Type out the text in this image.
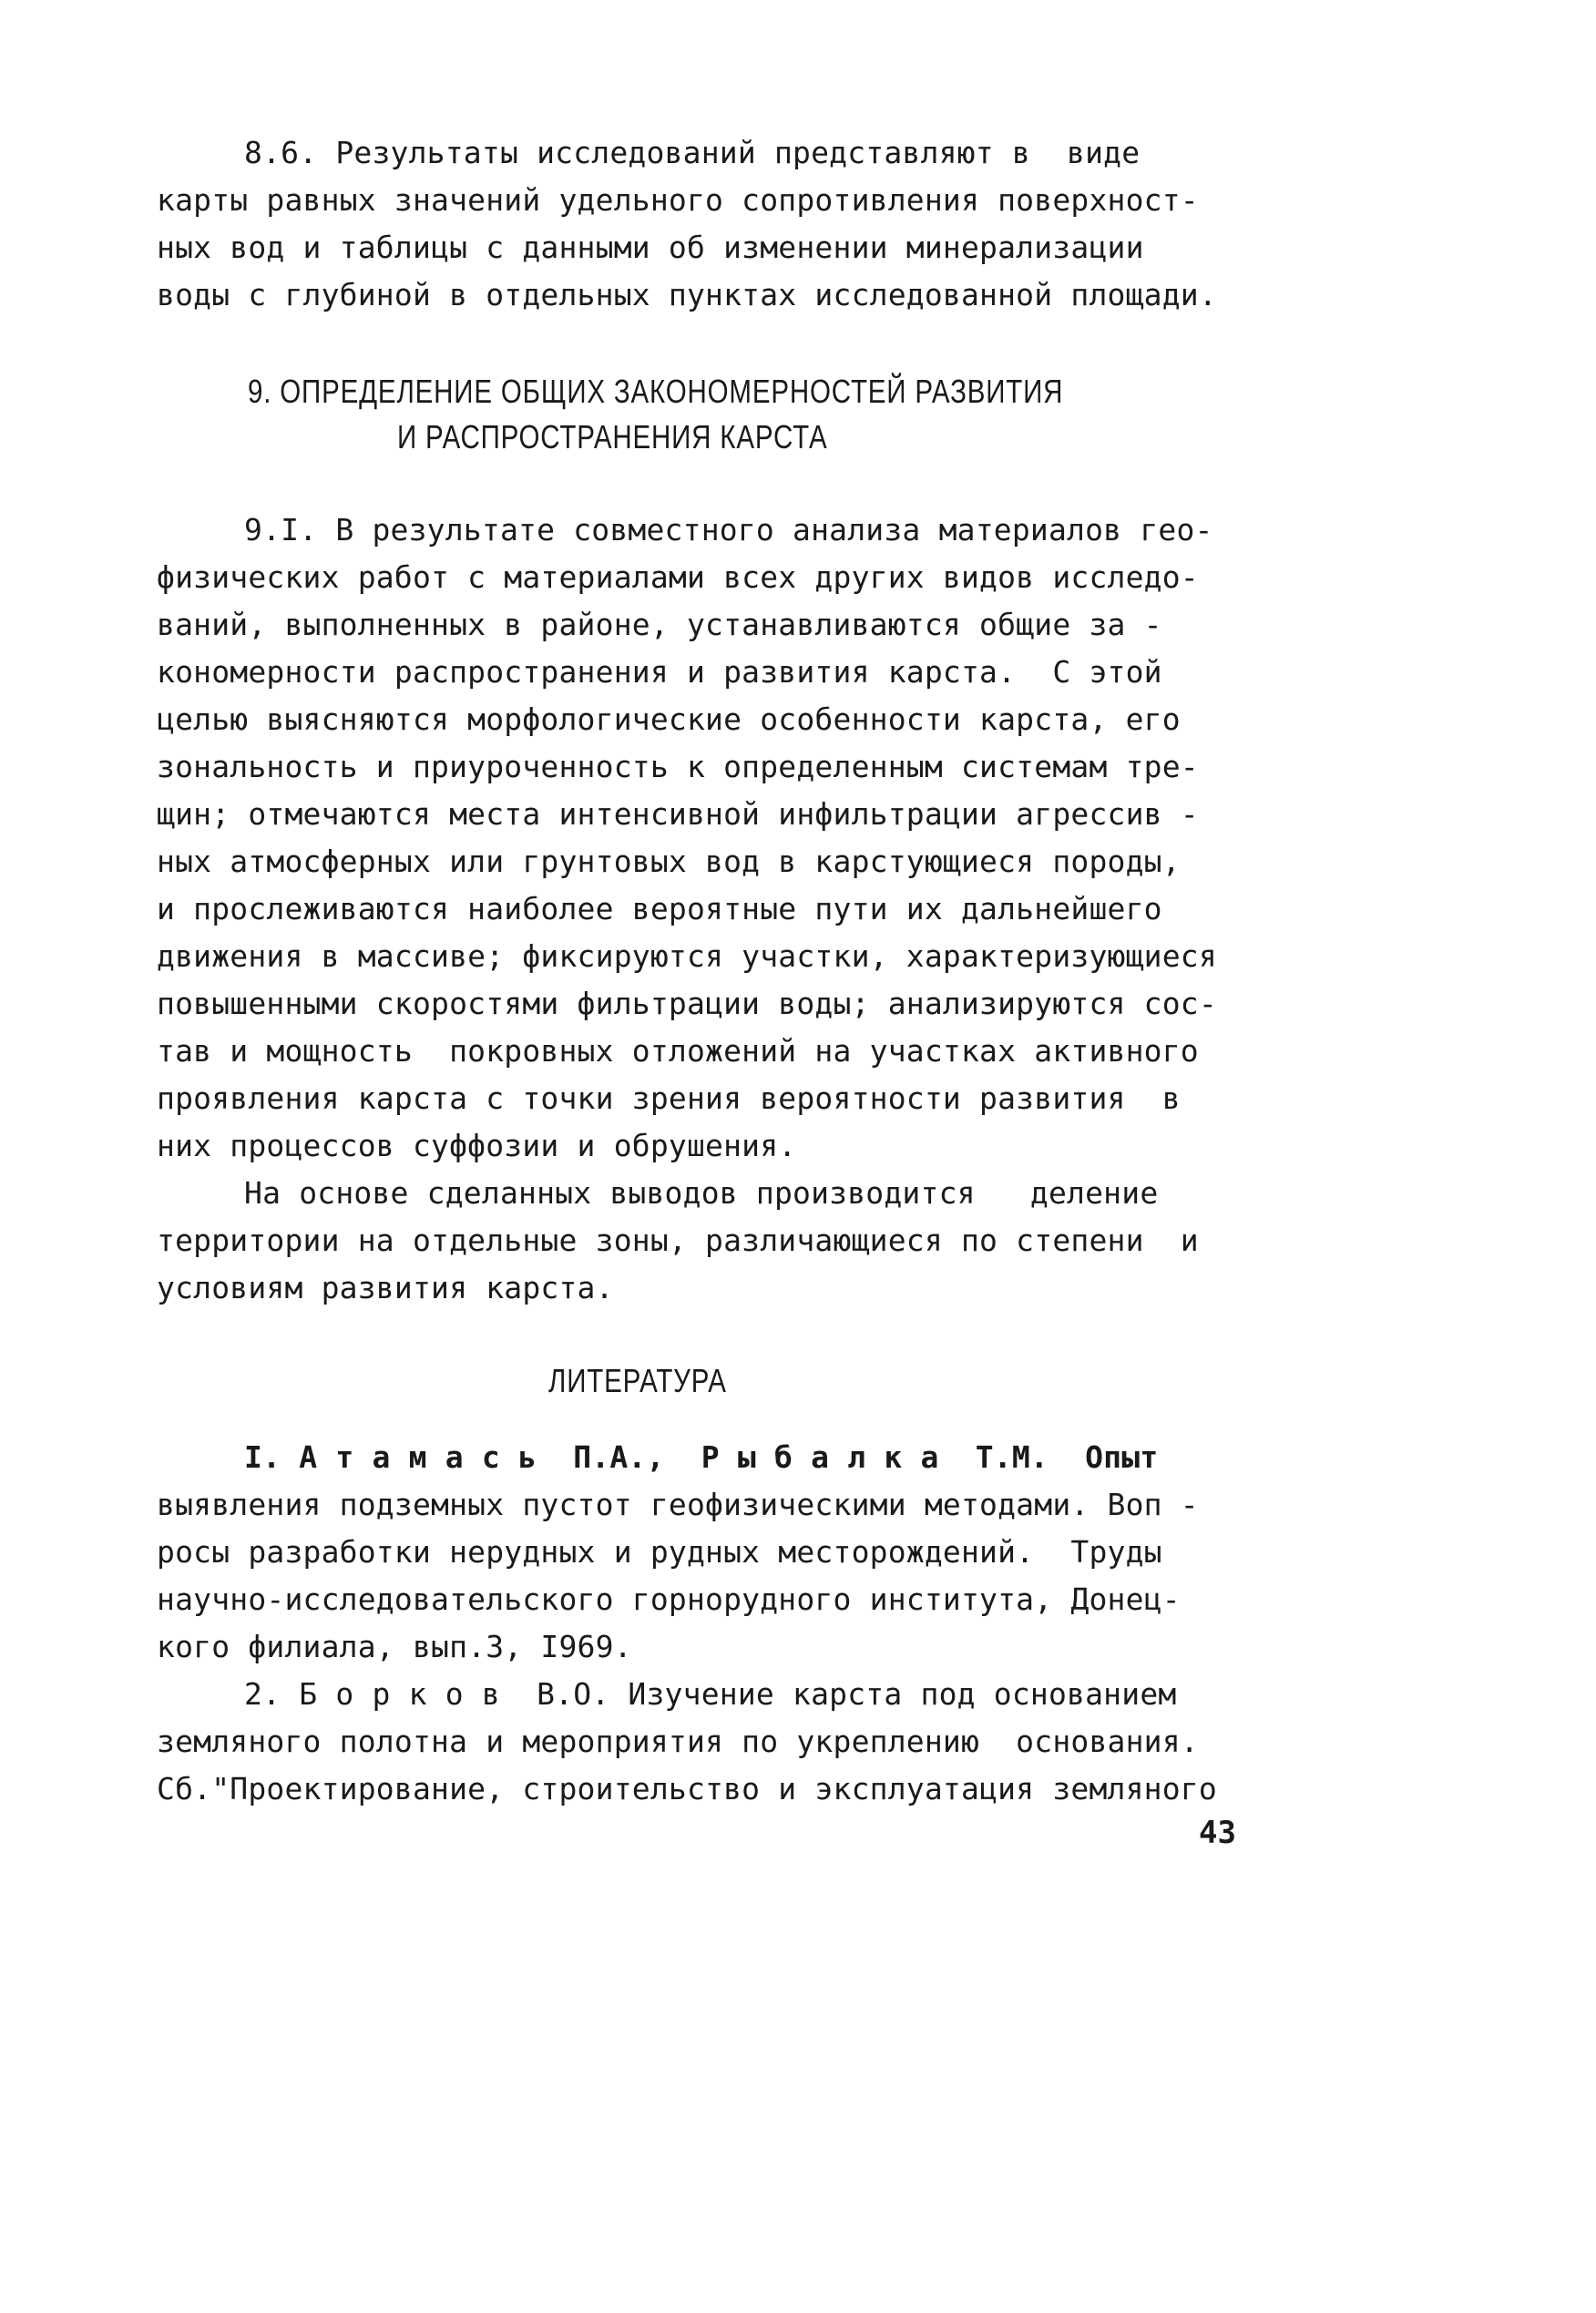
8.6. Результаты исследований представляют в  виде
карты равных значений удельного сопротивления поверхност-
ных вод и таблицы с данными об изменении минерализации
воды с глубиной в отдельных пунктах исследованной площади.
9. ОПРЕДЕЛЕНИЕ ОБЩИХ ЗАКОНОМЕРНОСТЕЙ РАЗВИТИЯ
И РАСПРОСТРАНЕНИЯ КАРСТА
9.I. В результате совместного анализа материалов гео-
физических работ с материалами всех других видов исследо-
ваний, выполненных в районе, устанавливаются общие за -
кономерности распространения и развития карста.  С этой
целью выясняются морфологические особенности карста, его
зональность и приуроченность к определенным системам тре-
щин; отмечаются места интенсивной инфильтрации агрессив -
ных атмосферных или грунтовых вод в карстующиеся породы,
и прослеживаются наиболее вероятные пути их дальнейшего
движения в массиве; фиксируются участки, характеризующиеся
повышенными скоростями фильтрации воды; анализируются сос-
тав и мощность  покровных отложений на участках активного
проявления карста с точки зрения вероятности развития  в
них процессов суффозии и обрушения.
На основе сделанных выводов производится   деление
территории на отдельные зоны, различающиеся по степени  и
условиям развития карста.
ЛИТЕРАТУРА
I. А т а м а с ь  П.А.,  Р ы б а л к а  Т.М.  Опыт
выявления подземных пустот геофизическими методами. Воп -
росы разработки нерудных и рудных месторождений.  Труды
научно-исследовательского горнорудного института, Донец-
кого филиала, вып.3, I969.
2. Б о р к о в  В.О. Изучение карста под основанием
земляного полотна и мероприятия по укреплению  основания.
Сб."Проектирование, строительство и эксплуатация земляного
43
